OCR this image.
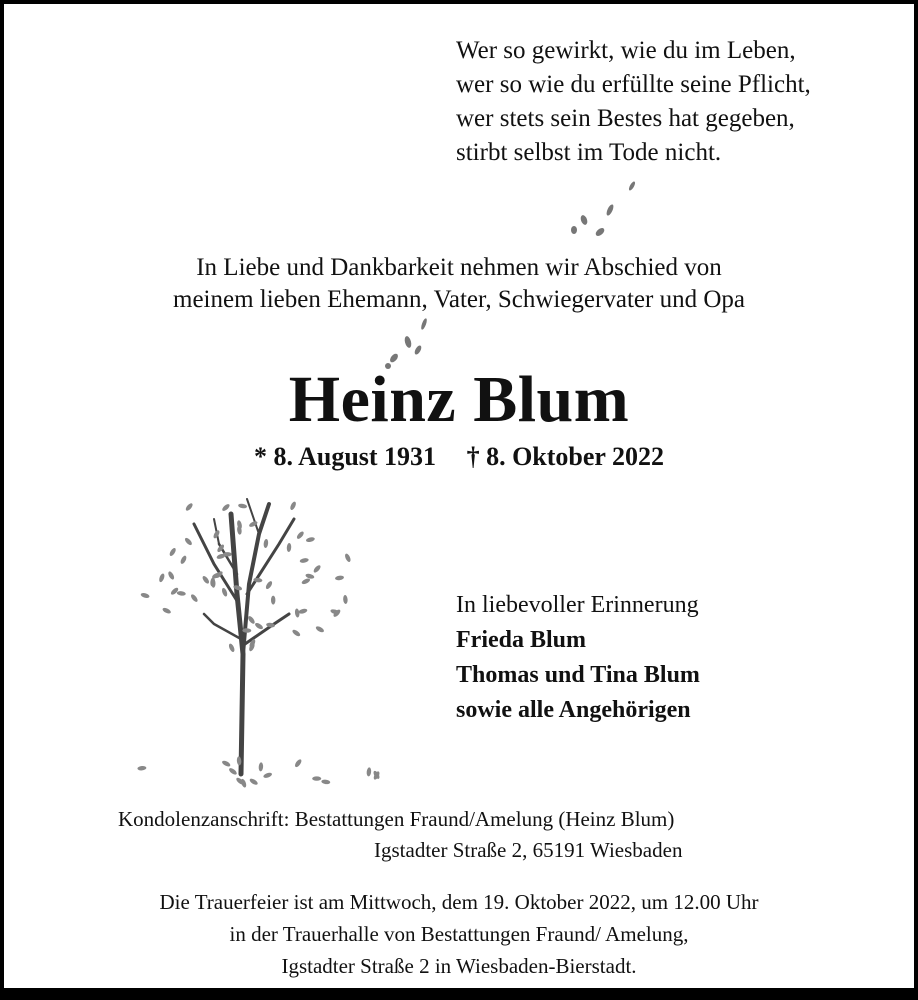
Wer so gewirkt, wie du im Leben,
wer so wie du erfüllte seine Pflicht,
wer stets sein Bestes hat gegeben,
stirbt selbst im Tode nicht.
In Liebe und Dankbarkeit nehmen wir Abschied von
meinem lieben Ehemann, Vater, Schwiegervater und Opa
Heinz Blum
* 8. August 1931 † 8. Oktober 2022
In liebevoller Erinnerung
Frieda Blum
Thomas und Tina Blum
sowie alle Angehörigen
Kondolenzanschrift: Bestattungen Fraund/Amelung (Heinz Blum)
Igstadter Straße 2, 65191 Wiesbaden
Die Trauerfeier ist am Mittwoch, dem 19. Oktober 2022, um 12.00 Uhr
in der Trauerhalle von Bestattungen Fraund/ Amelung,
Igstadter Straße 2 in Wiesbaden-Bierstadt.
